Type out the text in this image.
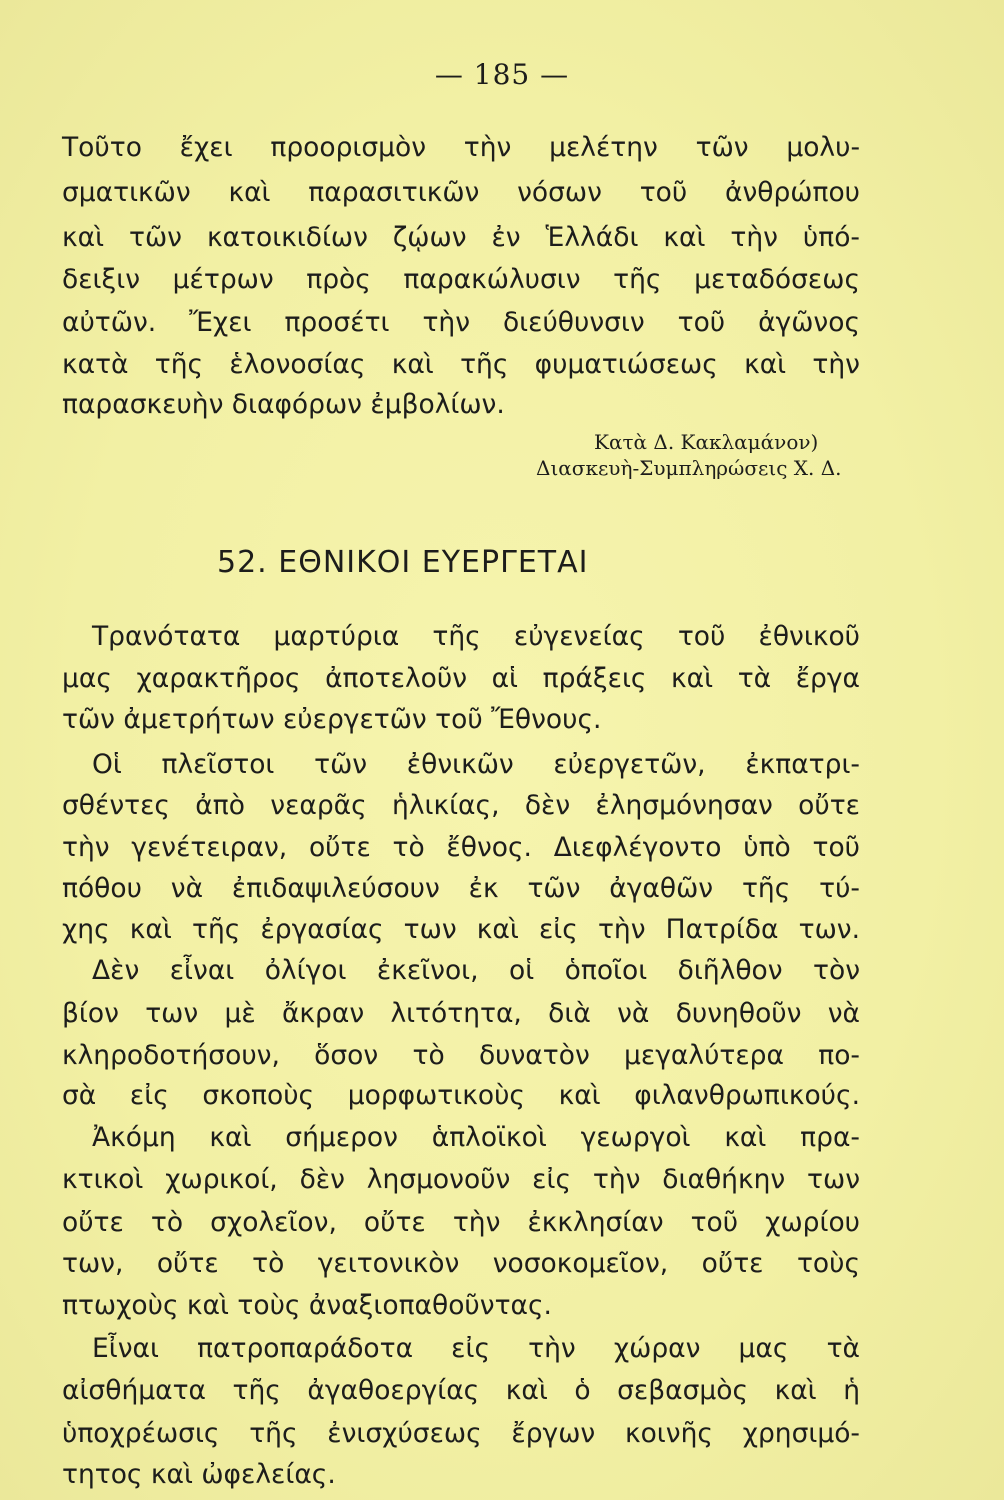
— 185 —
Τοῦτο ἔχει προορισμὸν τὴν μελέτην τῶν μολυ-
σματικῶν καὶ παρασιτικῶν νόσων τοῦ ἀνθρώπου
καὶ τῶν κατοικιδίων ζῴων ἐν Ἑλλάδι καὶ τὴν ὑπό-
δειξιν μέτρων πρὸς παρακώλυσιν τῆς μεταδόσεως
αὐτῶν. Ἔχει προσέτι τὴν διεύθυνσιν τοῦ ἀγῶνος
κατὰ τῆς ἑλονοσίας καὶ τῆς φυματιώσεως καὶ τὴν
παρασκευὴν διαφόρων ἐμβολίων.
Κατὰ Δ. Κακλαμάνον)
Διασκευὴ-Συμπληρώσεις Χ. Δ.
52. ΕΘΝΙΚΟΙ ΕΥΕΡΓΕΤΑΙ
Τρανότατα μαρτύρια τῆς εὐγενείας τοῦ ἐθνικοῦ
μας χαρακτῆρος ἀποτελοῦν αἱ πράξεις καὶ τὰ ἔργα
τῶν ἀμετρήτων εὐεργετῶν τοῦ Ἔθνους.
Οἱ πλεῖστοι τῶν ἐθνικῶν εὐεργετῶν, ἐκπατρι-
σθέντες ἀπὸ νεαρᾶς ἡλικίας, δὲν ἐλησμόνησαν οὔτε
τὴν γενέτειραν, οὔτε τὸ ἔθνος. Διεφλέγοντο ὑπὸ τοῦ
πόθου νὰ ἐπιδαψιλεύσουν ἐκ τῶν ἀγαθῶν τῆς τύ-
χης καὶ τῆς ἐργασίας των καὶ εἰς τὴν Πατρίδα των.
Δὲν εἶναι ὀλίγοι ἐκεῖνοι, οἱ ὁποῖοι διῆλθον τὸν
βίον των μὲ ἄκραν λιτότητα, διὰ νὰ δυνηθοῦν νὰ
κληροδοτήσουν, ὅσον τὸ δυνατὸν μεγαλύτερα πο-
σὰ εἰς σκοποὺς μορφωτικοὺς καὶ φιλανθρωπικούς.
Ἀκόμη καὶ σήμερον ἁπλοϊκοὶ γεωργοὶ καὶ πρα-
κτικοὶ χωρικοί, δὲν λησμονοῦν εἰς τὴν διαθήκην των
οὔτε τὸ σχολεῖον, οὔτε τὴν ἐκκλησίαν τοῦ χωρίου
των, οὔτε τὸ γειτονικὸν νοσοκομεῖον, οὔτε τοὺς
πτωχοὺς καὶ τοὺς ἀναξιοπαθοῦντας.
Εἶναι πατροπαράδοτα εἰς τὴν χώραν μας τὰ
αἰσθήματα τῆς ἀγαθοεργίας καὶ ὁ σεβασμὸς καὶ ἡ
ὑποχρέωσις τῆς ἐνισχύσεως ἔργων κοινῆς χρησιμό-
τητος καὶ ὠφελείας.
